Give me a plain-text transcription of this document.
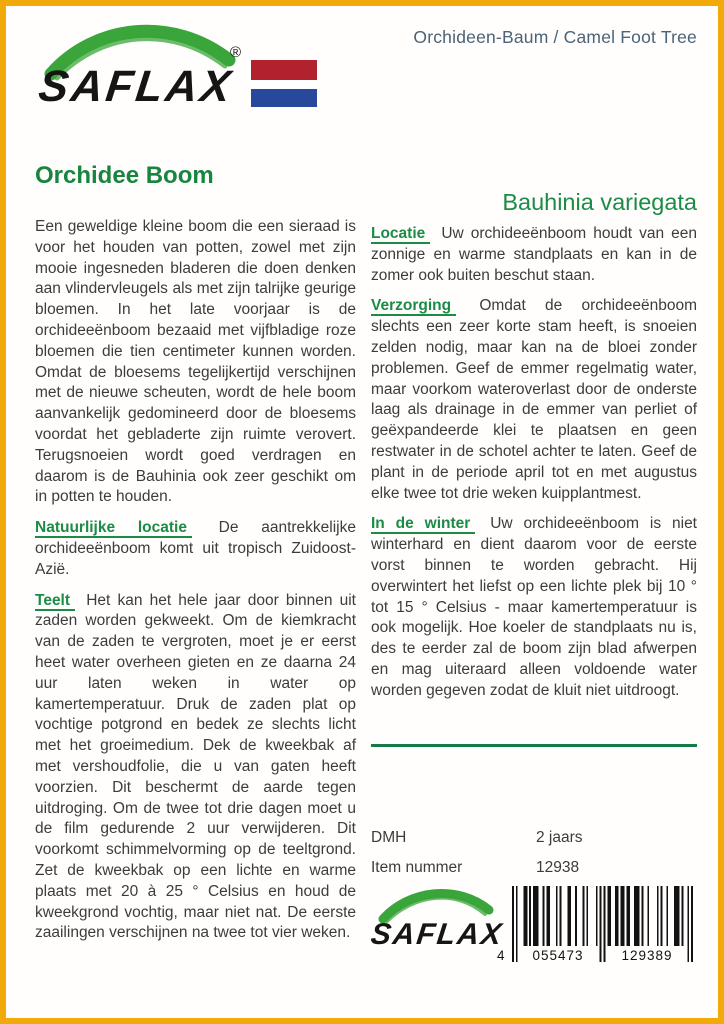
SAFLAX
®
Orchideen-Baum / Camel Foot Tree
Orchidee Boom

Een geweldige kleine boom die een sieraad is voor het houden van potten, zowel met zijn mooie ingesneden bladeren die doen denken aan vlindervleugels als met zijn talrijke geurige bloemen. In het late voorjaar is de orchideeënboom bezaaid met vijfbladige roze bloemen die tien centimeter kunnen worden. Omdat de bloesems tegelijkertijd verschijnen met de nieuwe scheuten, wordt de hele boom aanvankelijk gedomineerd door de bloesems voordat het gebladerte zijn ruimte verovert. Terugsnoeien wordt goed verdragen en daarom is de Bauhinia ook zeer geschikt om in potten te houden.

Natuurlijke locatie De aantrekkelijke orchideeënboom komt uit tropisch Zuidoost-Azië.

Teelt Het kan het hele jaar door binnen uit zaden worden gekweekt. Om de kiemkracht van de zaden te vergroten, moet je er eerst heet water overheen gieten en ze daarna 24 uur laten weken in water op kamertemperatuur. Druk de zaden plat op vochtige potgrond en bedek ze slechts licht met het groeimedium. Dek de kweekbak af met vershoudfolie, die u van gaten heeft voorzien. Dit beschermt de aarde tegen uitdroging. Om de twee tot drie dagen moet u de film gedurende 2 uur verwijderen. Dit voorkomt schimmelvorming op de teeltgrond. Zet de kweekbak op een lichte en warme plaats met 20 à 25 ° Celsius en houd de kweekgrond vochtig, maar niet nat. De eerste zaailingen verschijnen na twee tot vier weken.

Bauhinia variegata

Locatie Uw orchideeënboom houdt van een zonnige en warme standplaats en kan in de zomer ook buiten beschut staan.

Verzorging Omdat de orchideeënboom slechts een zeer korte stam heeft, is snoeien zelden nodig, maar kan na de bloei zonder problemen. Geef de emmer regelmatig water, maar voorkom wateroverlast door de onderste laag als drainage in de emmer van perliet of geëxpandeerde klei te plaatsen en geen restwater in de schotel achter te laten. Geef de plant in de periode april tot en met augustus elke twee tot drie weken kuipplantmest.

In de winter Uw orchideeënboom is niet winterhard en dient daarom voor de eerste vorst binnen te worden gebracht. Hij overwintert het liefst op een lichte plek bij 10 ° tot 15 ° Celsius - maar kamertemperatuur is ook mogelijk. Hoe koeler de standplaats nu is, des te eerder zal de boom zijn blad afwerpen en mag uiteraard alleen voldoende water worden gegeven zodat de kluit niet uitdroogt.

DMH	2 jaars
Item nummer	12938
SAFLAX
4	055473	129389
